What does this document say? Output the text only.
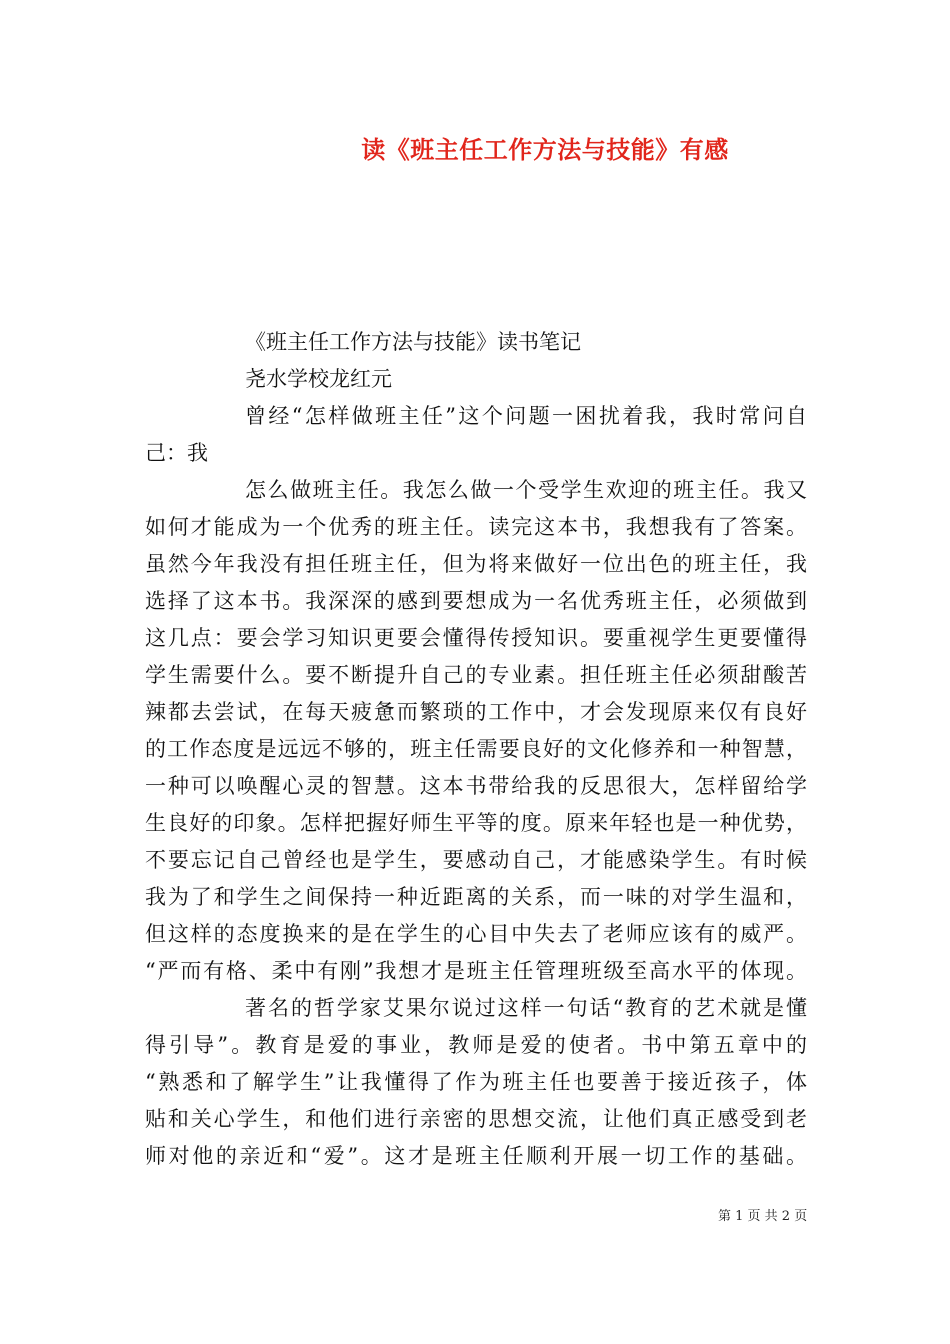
读《班主任工作方法与技能》有感
《班主任工作方法与技能》读书笔记
尧水学校龙红元
曾经“怎样做班主任”这个问题一困扰着我，我时常问自
己：我
怎么做班主任。我怎么做一个受学生欢迎的班主任。我又
如何才能成为一个优秀的班主任。读完这本书，我想我有了答案。
虽然今年我没有担任班主任，但为将来做好一位出色的班主任，我
选择了这本书。我深深的感到要想成为一名优秀班主任，必须做到
这几点：要会学习知识更要会懂得传授知识。要重视学生更要懂得
学生需要什么。要不断提升自己的专业素。担任班主任必须甜酸苦
辣都去尝试，在每天疲惫而繁琐的工作中，才会发现原来仅有良好
的工作态度是远远不够的，班主任需要良好的文化修养和一种智慧，
一种可以唤醒心灵的智慧。这本书带给我的反思很大，怎样留给学
生良好的印象。怎样把握好师生平等的度。原来年轻也是一种优势，
不要忘记自己曾经也是学生，要感动自己，才能感染学生。有时候
我为了和学生之间保持一种近距离的关系，而一味的对学生温和，
但这样的态度换来的是在学生的心目中失去了老师应该有的威严。
“严而有格、柔中有刚”我想才是班主任管理班级至高水平的体现。
著名的哲学家艾果尔说过这样一句话“教育的艺术就是懂
得引导”。教育是爱的事业，教师是爱的使者。书中第五章中的
“熟悉和了解学生”让我懂得了作为班主任也要善于接近孩子，体
贴和关心学生，和他们进行亲密的思想交流，让他们真正感受到老
师对他的亲近和“爱”。这才是班主任顺利开展一切工作的基础。
第 1 页 共 2 页
